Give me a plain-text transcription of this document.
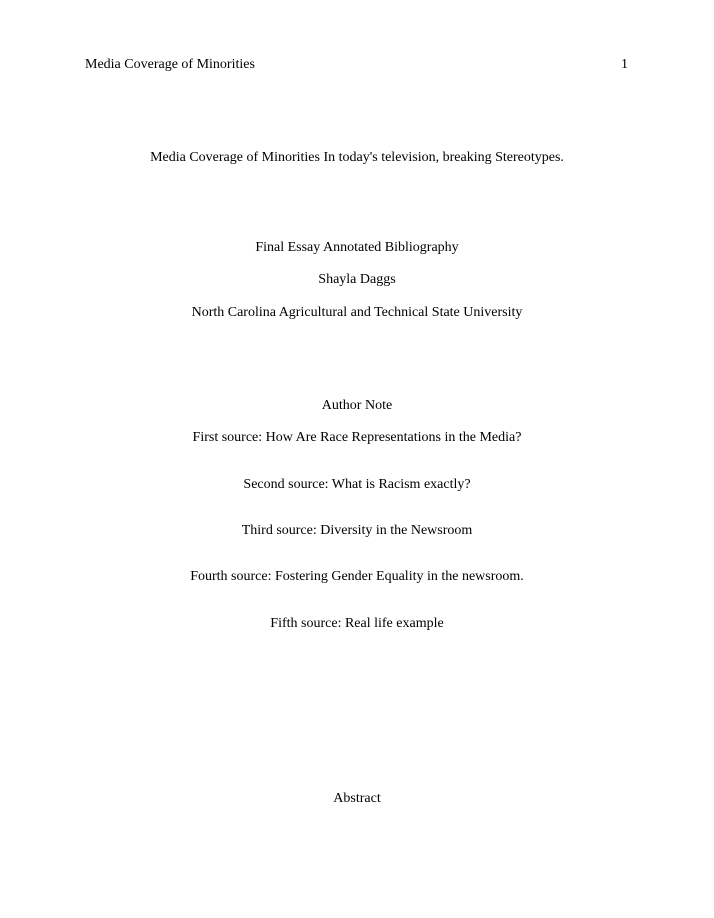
Media Coverage of Minorities	1
Media Coverage of Minorities In today's television, breaking Stereotypes.
Final Essay Annotated Bibliography
Shayla Daggs
North Carolina Agricultural and Technical State University
Author Note
First source: How Are Race Representations in the Media?
Second source: What is Racism exactly?
Third source: Diversity in the Newsroom
Fourth source: Fostering Gender Equality in the newsroom.
Fifth source: Real life example
Abstract
